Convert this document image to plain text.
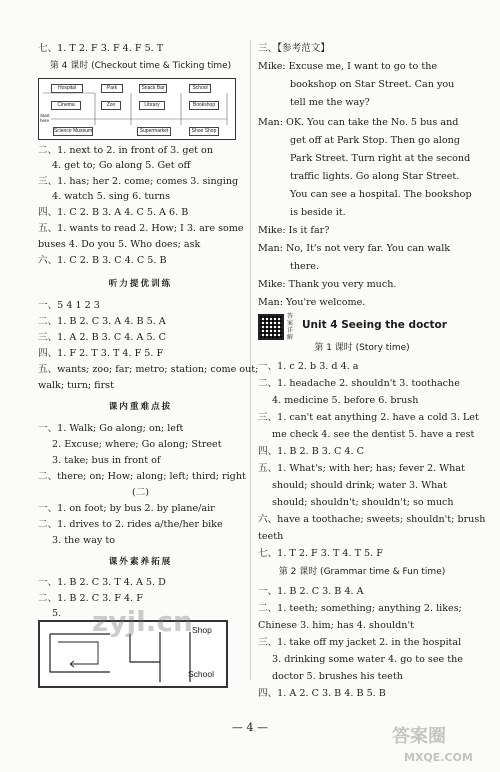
七、1. T 2. F 3. F 4. F 5. T
第 4 课时 (Checkout time & Ticking time)
Hospital	Park	Snack Bar	School
Cinema	Zoo	Library	Bookshop
Start here
Science Museum	Supermarket	Shoe Shop
二、1. next to 2. in front of 3. get on
4. get to; Go along 5. Get off
三、1. has; her 2. come; comes 3. singing
4. watch 5. sing 6. turns
四、1. C 2. B 3. A 4. C 5. A 6. B
五、1. wants to read 2. How; I 3. are some
buses 4. Do you 5. Who does; ask
六、1. C 2. B 3. C 4. C 5. B
听力提优训练
一、5 4 1 2 3
二、1. B 2. C 3. A 4. B 5. A
三、1. A 2. B 3. C 4. A 5. C
四、1. F 2. T 3. T 4. F 5. F
五、wants; zoo; far; metro; station; come out;
walk; turn; first
课内重难点拔
一、1. Walk; Go along; on; left
2. Excuse; where; Go along; Street
3. take; bus in front of
二、there; on; How; along; left; third; right
(二)
一、1. on foot; by bus 2. by plane/air
二、1. drives to 2. rides a/the/her bike
3. the way to
课外素养拓展
一、1. B 2. C 3. T 4. A 5. D
二、1. B 2. C 3. F 4. F
5.
Shop
School
三、【参考范文】
Mike: Excuse me, I want to go to the
bookshop on Star Street. Can you
tell me the way?
Man: OK. You can take the No. 5 bus and
get off at Park Stop. Then go along
Park Street. Turn right at the second
traffic lights. Go along Star Street.
You can see a hospital. The bookshop
is beside it.
Mike: Is it far?
Man: No, It's not very far. You can walk
there.
Mike: Thank you very much.
Man: You're welcome.
答案详解
Unit 4 Seeing the doctor
第 1 课时 (Story time)
一、1. c 2. b 3. d 4. a
二、1. headache 2. shouldn't 3. toothache
4. medicine 5. before 6. brush
三、1. can't eat anything 2. have a cold 3. Let
me check 4. see the dentist 5. have a rest
四、1. B 2. B 3. C 4. C
五、1. What's; with her; has; fever 2. What
should; should drink; water 3. What
should; shouldn't; shouldn't; so much
六、have a toothache; sweets; shouldn't; brush
teeth
七、1. T 2. F 3. T 4. T 5. F
第 2 课时 (Grammar time & Fun time)
一、1. B 2. C 3. B 4. A
二、1. teeth; something; anything 2. likes;
Chinese 3. him; has 4. shouldn't
三、1. take off my jacket 2. in the hospital
3. drinking some water 4. go to see the
doctor 5. brushes his teeth
四、1. A 2. C 3. B 4. B 5. B
— 4 —
zyjl.cn
答案圈
MXQE.COM
